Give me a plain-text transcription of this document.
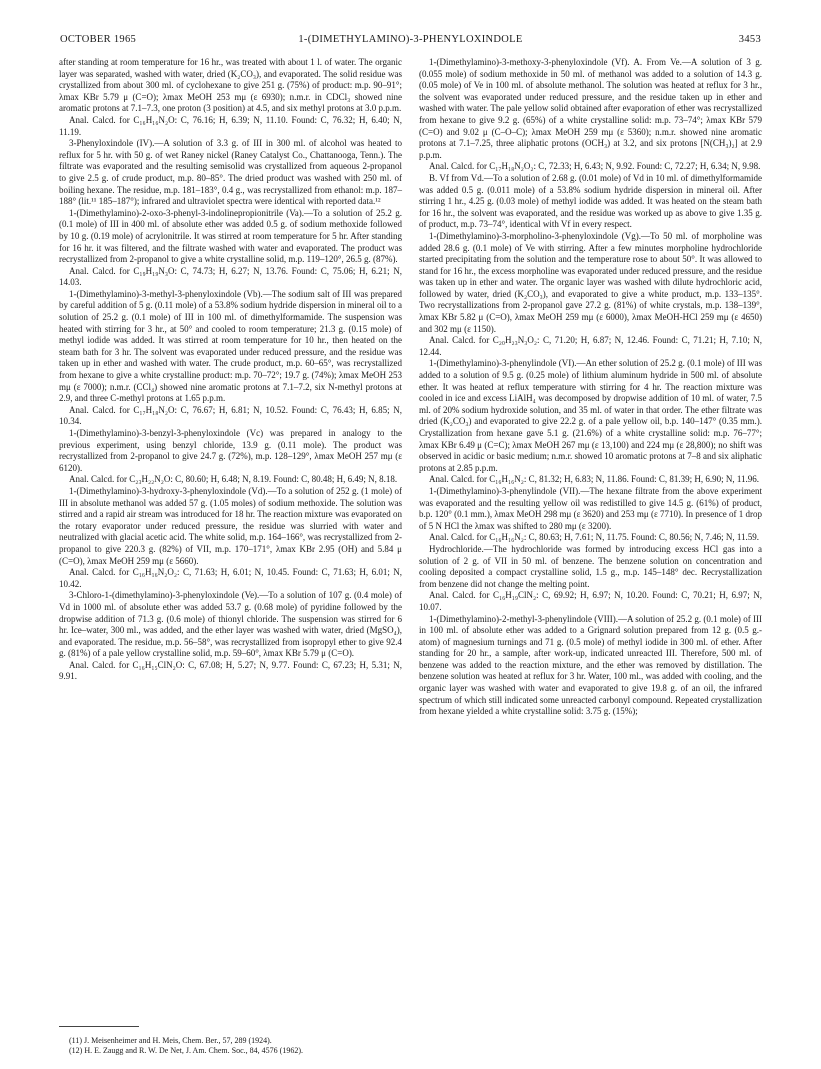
OCTOBER 1965	1-(DIMETHYLAMINO)-3-PHENYLOXINDOLE	3453

after standing at room temperature for 16 hr., was treated with about 1 l. of water. The organic layer was separated, washed with water, dried (K₂CO₃), and evaporated. The solid residue was crystallized from about 300 ml. of cyclohexane to give 251 g. (75%) of product: m.p. 90–91°; λmax KBr 5.79 μ (C=O); λmax MeOH 253 mμ (ε 6930); n.m.r. in CDCl₃ showed nine aromatic protons at 7.1–7.3, one proton (3 position) at 4.5, and six methyl protons at 3.0 p.p.m.

Anal. Calcd. for C₁₆H₁₆N₂O: C, 76.16; H, 6.39; N, 11.10. Found: C, 76.32; H, 6.40; N, 11.19.

3-Phenyloxindole (IV).—A solution of 3.3 g. of III in 300 ml. of alcohol was heated to reflux for 5 hr. with 50 g. of wet Raney nickel (Raney Catalyst Co., Chattanooga, Tenn.). The filtrate was evaporated and the resulting semisolid was crystallized from aqueous 2-propanol to give 2.5 g. of crude product, m.p. 80–85°. The dried product was washed with 250 ml. of boiling hexane. The residue, m.p. 181–183°, 0.4 g., was recrystallized from ethanol: m.p. 187–188° (lit.¹¹ 185–187°); infrared and ultraviolet spectra were identical with reported data.¹²

1-(Dimethylamino)-2-oxo-3-phenyl-3-indolinepropionitrile (Va).—To a solution of 25.2 g. (0.1 mole) of III in 400 ml. of absolute ether was added 0.5 g. of sodium methoxide followed by 10 g. (0.19 mole) of acrylonitrile. It was stirred at room temperature for 5 hr. After standing for 16 hr. it was filtered, and the filtrate washed with water and evaporated. The product was recrystallized from 2-propanol to give a white crystalline solid, m.p. 119–120°, 26.5 g. (87%).

Anal. Calcd. for C₁₉H₁₉N₃O: C, 74.73; H, 6.27; N, 13.76. Found: C, 75.06; H, 6.21; N, 14.03.

1-(Dimethylamino)-3-methyl-3-phenyloxindole (Vb).—The sodium salt of III was prepared by careful addition of 5 g. (0.11 mole) of a 53.8% sodium hydride dispersion in mineral oil to a solution of 25.2 g. (0.1 mole) of III in 100 ml. of dimethylformamide. The suspension was heated with stirring for 3 hr., at 50° and cooled to room temperature; 21.3 g. (0.15 mole) of methyl iodide was added. It was stirred at room temperature for 10 hr., then heated on the steam bath for 3 hr. The solvent was evaporated under reduced pressure, and the residue was taken up in ether and washed with water. The crude product, m.p. 60–65°, was recrystallized from hexane to give a white crystalline product: m.p. 70–72°; 19.7 g. (74%); λmax MeOH 253 mμ (ε 7000); n.m.r. (CCl₄) showed nine aromatic protons at 7.1–7.2, six N-methyl protons at 2.9, and three C-methyl protons at 1.65 p.p.m.

Anal. Calcd. for C₁₇H₁₈N₂O: C, 76.67; H, 6.81; N, 10.52. Found: C, 76.43; H, 6.85; N, 10.34.

1-(Dimethylamino)-3-benzyl-3-phenyloxindole (Vc) was prepared in analogy to the previous experiment, using benzyl chloride, 13.9 g. (0.11 mole). The product was recrystallized from 2-propanol to give 24.7 g. (72%), m.p. 128–129°, λmax MeOH 257 mμ (ε 6120).

Anal. Calcd. for C₂₃H₂₂N₂O: C, 80.60; H, 6.48; N, 8.19. Found: C, 80.48; H, 6.49; N, 8.18.

1-(Dimethylamino)-3-hydroxy-3-phenyloxindole (Vd).—To a solution of 252 g. (1 mole) of III in absolute methanol was added 57 g. (1.05 moles) of sodium methoxide. The solution was stirred and a rapid air stream was introduced for 18 hr. The reaction mixture was evaporated on the rotary evaporator under reduced pressure, the residue was slurried with water and neutralized with glacial acetic acid. The white solid, m.p. 164–166°, was recrystallized from 2-propanol to give 220.3 g. (82%) of VII, m.p. 170–171°, λmax KBr 2.95 (OH) and 5.84 μ (C=O), λmax MeOH 259 mμ (ε 5660).

Anal. Calcd. for C₁₆H₁₆N₂O₂: C, 71.63; H, 6.01; N, 10.45. Found: C, 71.63; H, 6.01; N, 10.42.

3-Chloro-1-(dimethylamino)-3-phenyloxindole (Ve).—To a solution of 107 g. (0.4 mole) of Vd in 1000 ml. of absolute ether was added 53.7 g. (0.68 mole) of pyridine followed by the dropwise addition of 71.3 g. (0.6 mole) of thionyl chloride. The suspension was stirred for 6 hr. Ice–water, 300 ml., was added, and the ether layer was washed with water, dried (MgSO₄), and evaporated. The residue, m.p. 56–58°, was recrystallized from isopropyl ether to give 92.4 g. (81%) of a pale yellow crystalline solid, m.p. 59–60°, λmax KBr 5.79 μ (C=O).

Anal. Calcd. for C₁₆H₁₅ClN₂O: C, 67.08; H, 5.27; N, 9.77. Found: C, 67.23; H, 5.31; N, 9.91.

1-(Dimethylamino)-3-methoxy-3-phenyloxindole (Vf). A. From Ve.—A solution of 3 g. (0.055 mole) of sodium methoxide in 50 ml. of methanol was added to a solution of 14.3 g. (0.05 mole) of Ve in 100 ml. of absolute methanol. The solution was heated at reflux for 3 hr., the solvent was evaporated under reduced pressure, and the residue taken up in ether and washed with water. The pale yellow solid obtained after evaporation of ether was recrystallized from hexane to give 9.2 g. (65%) of a white crystalline solid: m.p. 73–74°; λmax KBr 579 (C=O) and 9.02 μ (C–O–C); λmax MeOH 259 mμ (ε 5360); n.m.r. showed nine aromatic protons at 7.1–7.25, three aliphatic protons (OCH₃) at 3.2, and six protons [N(CH₃)₂] at 2.9 p.p.m.

Anal. Calcd. for C₁₇H₁₈N₂O₂: C, 72.33; H, 6.43; N, 9.92. Found: C, 72.27; H, 6.34; N, 9.98.

B. Vf from Vd.—To a solution of 2.68 g. (0.01 mole) of Vd in 10 ml. of dimethylformamide was added 0.5 g. (0.011 mole) of a 53.8% sodium hydride dispersion in mineral oil. After stirring 1 hr., 4.25 g. (0.03 mole) of methyl iodide was added. It was heated on the steam bath for 16 hr., the solvent was evaporated, and the residue was worked up as above to give 1.35 g. of product, m.p. 73–74°, identical with Vf in every respect.

1-(Dimethylamino)-3-morpholino-3-phenyloxindole (Vg).—To 50 ml. of morpholine was added 28.6 g. (0.1 mole) of Ve with stirring. After a few minutes morpholine hydrochloride started precipitating from the solution and the temperature rose to about 50°. It was allowed to stand for 16 hr., the excess morpholine was evaporated under reduced pressure, and the residue was taken up in ether and water. The organic layer was washed with dilute hydrochloric acid, followed by water, dried (K₂CO₃), and evaporated to give a white product, m.p. 133–135°. Two recrystallizations from 2-propanol gave 27.2 g. (81%) of white crystals, m.p. 138–139°, λmax KBr 5.82 μ (C=O), λmax MeOH 259 mμ (ε 6000), λmax MeOH-HCl 259 mμ (ε 4650) and 302 mμ (ε 1150).

Anal. Calcd. for C₂₀H₂₃N₃O₂: C, 71.20; H, 6.87; N, 12.46. Found: C, 71.21; H, 7.10; N, 12.44.

1-(Dimethylamino)-3-phenylindole (VI).—An ether solution of 25.2 g. (0.1 mole) of III was added to a solution of 9.5 g. (0.25 mole) of lithium aluminum hydride in 500 ml. of absolute ether. It was heated at reflux temperature with stirring for 4 hr. The reaction mixture was cooled in ice and excess LiAlH₄ was decomposed by dropwise addition of 10 ml. of water, 7.5 ml. of 20% sodium hydroxide solution, and 35 ml. of water in that order. The ether filtrate was dried (K₂CO₃) and evaporated to give 22.2 g. of a pale yellow oil, b.p. 140–147° (0.35 mm.). Crystallization from hexane gave 5.1 g. (21.6%) of a white crystalline solid: m.p. 76–77°; λmax KBr 6.49 μ (C=C); λmax MeOH 267 mμ (ε 13,100) and 224 mμ (ε 28,800); no shift was observed in acidic or basic medium; n.m.r. showed 10 aromatic protons at 7–8 and six aliphatic protons at 2.85 p.p.m.

Anal. Calcd. for C₁₆H₁₆N₂: C, 81.32; H, 6.83; N, 11.86. Found: C, 81.39; H, 6.90; N, 11.96.

1-(Dimethylamino)-3-phenylindole (VII).—The hexane filtrate from the above experiment was evaporated and the resulting yellow oil was redistilled to give 14.5 g. (61%) of product, b.p. 120° (0.1 mm.), λmax MeOH 298 mμ (ε 3620) and 253 mμ (ε 7710). In presence of 1 drop of 5 N HCl the λmax was shifted to 280 mμ (ε 3200).

Anal. Calcd. for C₁₆H₁₆N₂: C, 80.63; H, 7.61; N, 11.75. Found: C, 80.56; N, 7.46; N, 11.59.

Hydrochloride.—The hydrochloride was formed by introducing excess HCl gas into a solution of 2 g. of VII in 50 ml. of benzene. The benzene solution on concentration and cooling deposited a compact crystalline solid, 1.5 g., m.p. 145–148° dec. Recrystallization from benzene did not change the melting point.

Anal. Calcd. for C₁₆H₁₉ClN₂: C, 69.92; H, 6.97; N, 10.20. Found: C, 70.21; H, 6.97; N, 10.07.

1-(Dimethylamino)-2-methyl-3-phenylindole (VIII).—A solution of 25.2 g. (0.1 mole) of III in 100 ml. of absolute ether was added to a Grignard solution prepared from 12 g. (0.5 g.-atom) of magnesium turnings and 71 g. (0.5 mole) of methyl iodide in 300 ml. of ether. After standing for 20 hr., a sample, after work-up, indicated unreacted III. Therefore, 500 ml. of benzene was added to the reaction mixture, and the ether was removed by distillation. The benzene solution was heated at reflux for 3 hr. Water, 100 ml., was added with cooling, and the organic layer was washed with water and evaporated to give 19.8 g. of an oil, the infrared spectrum of which still indicated some unreacted carbonyl compound. Repeated crystallization from hexane yielded a white crystalline solid: 3.75 g. (15%);

(11) J. Meisenheimer and H. Meis, Chem. Ber., 57, 289 (1924).

(12) H. E. Zaugg and R. W. De Net, J. Am. Chem. Soc., 84, 4576 (1962).
